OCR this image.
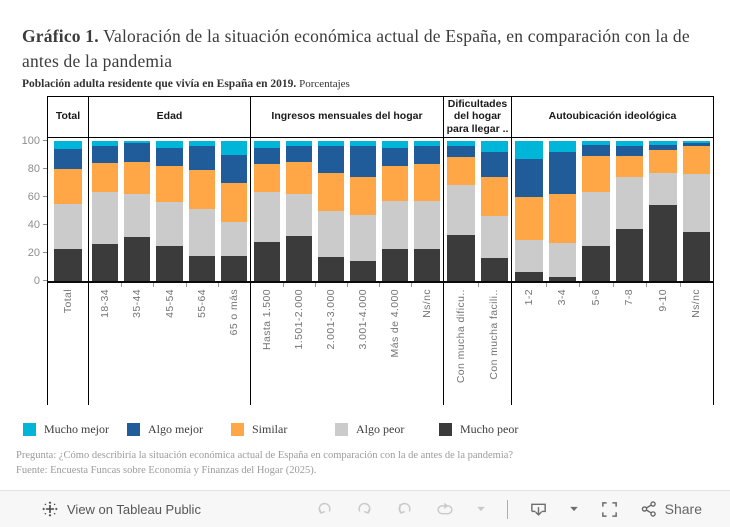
Gráfico 1. Valoración de la situación económica actual de España, en comparación con la de antes de la pandemia
Población adulta residente que vivía en España en 2019. Porcentajes
Total	Edad	Ingresos mensuales del hogar
Dificultades del hogar para llegar ..
Autoubicación ideológica
0
20
40
60
80
100
Total 18-34 35-44 45-54 55-64 65 o más Hasta 1.500 1.501-2.000 2.001-3.000 3.001-4.000 Más de 4.000 Ns/nc Con mucha dificu.. Con mucha facili.. 1-2 3-4 5-6 7-8 9-10 Ns/nc
Mucho mejor	Algo mejor	Similar	Algo peor	Mucho peor
Pregunta: ¿Cómo describiría la situación económica actual de España en comparación con la de antes de la pandemia?
Fuente: Encuesta Funcas sobre Economía y Finanzas del Hogar (2025).
View on Tableau Public	Share
